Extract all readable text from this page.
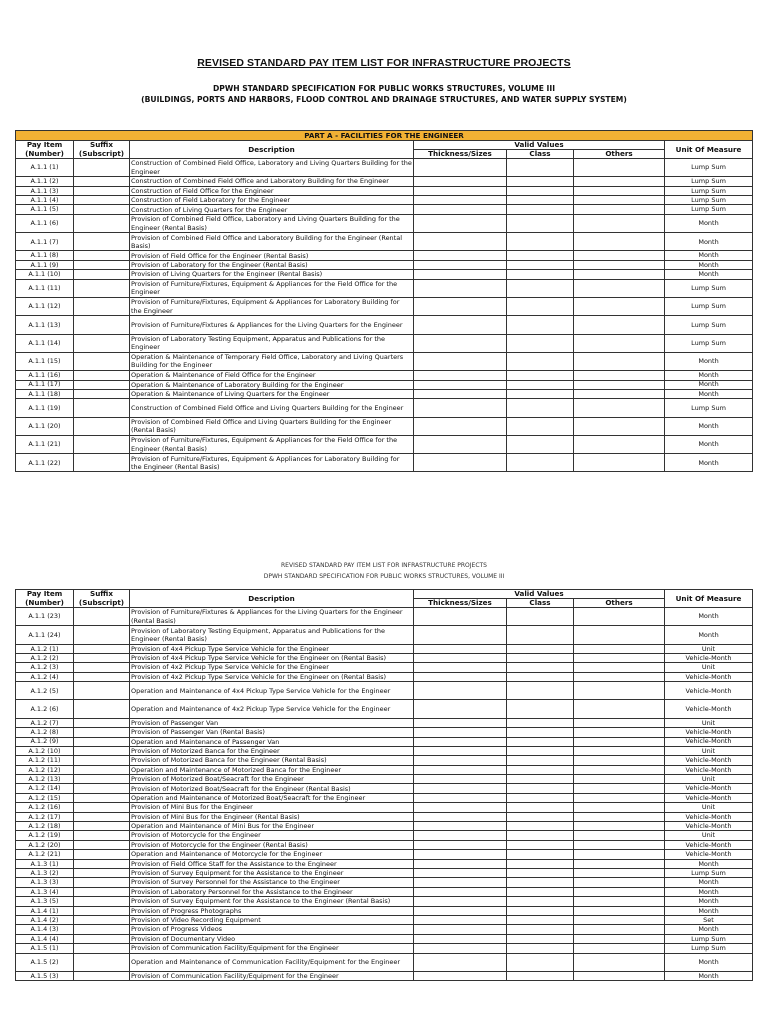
REVISED STANDARD PAY ITEM LIST FOR INFRASTRUCTURE PROJECTS
DPWH STANDARD SPECIFICATION FOR PUBLIC WORKS STRUCTURES, VOLUME III
(BUILDINGS, PORTS AND HARBORS, FLOOD CONTROL AND DRAINAGE STRUCTURES, AND WATER SUPPLY SYSTEM)
PART A - FACILITIES FOR THE ENGINEER						
Pay Item (Number)	Suffix (Subscript)	Description	Valid Values			Unit Of Measure
			Thickness/Sizes	Class	Others	
A.1.1 (1)		Construction of Combined Field Office, Laboratory and Living Quarters Building for the Engineer				Lump Sum
A.1.1 (2)		Construction of Combined Field Office and Laboratory Building for the Engineer				Lump Sum
A.1.1 (3)		Construction of Field Office for the Engineer				Lump Sum
A.1.1 (4)		Construction of Field Laboratory for the Engineer				Lump Sum
A.1.1 (5)		Construction of Living Quarters for the Engineer				Lump Sum
A.1.1 (6)		Provision of Combined Field Office, Laboratory and Living Quarters Building for the Engineer (Rental Basis)				Month
A.1.1 (7)		Provision of Combined Field Office and Laboratory Building for the Engineer (Rental Basis)				Month
A.1.1 (8)		Provision of Field Office for the Engineer (Rental Basis)				Month
A.1.1 (9)		Provision of Laboratory for the Engineer (Rental Basis)				Month
A.1.1 (10)		Provision of Living Quarters for the Engineer (Rental Basis)				Month
A.1.1 (11)		Provision of Furniture/Fixtures, Equipment & Appliances for the Field Office for the Engineer				Lump Sum
A.1.1 (12)		Provision of Furniture/Fixtures, Equipment & Appliances for Laboratory Building for the Engineer				Lump Sum
A.1.1 (13)		Provision of Furniture/Fixtures & Appliances for the Living Quarters for the Engineer				Lump Sum
A.1.1 (14)		Provision of Laboratory Testing Equipment, Apparatus and Publications for the Engineer				Lump Sum
A.1.1 (15)		Operation & Maintenance of Temporary Field Office, Laboratory and Living Quarters Building for the Engineer				Month
A.1.1 (16)		Operation & Maintenance of Field Office for the Engineer				Month
A.1.1 (17)		Operation & Maintenance of Laboratory Building for the Engineer				Month
A.1.1 (18)		Operation & Maintenance of Living Quarters for the Engineer				Month
A.1.1 (19)		Construction of Combined Field Office and Living Quarters Building for the Engineer				Lump Sum
A.1.1 (20)		Provision of Combined Field Office and Living Quarters Building for the Engineer (Rental Basis)				Month
A.1.1 (21)		Provision of Furniture/Fixtures, Equipment & Appliances for the Field Office for the Engineer (Rental Basis)				Month
A.1.1 (22)		Provision of Furniture/Fixtures, Equipment & Appliances for Laboratory Building for the Engineer (Rental Basis)				Month
REVISED STANDARD PAY ITEM LIST FOR INFRASTRUCTURE PROJECTS
DPWH STANDARD SPECIFICATION FOR PUBLIC WORKS STRUCTURES, VOLUME III
Pay Item (Number)	Suffix (Subscript)	Description	Valid Values			Unit Of Measure
			Thickness/Sizes	Class	Others	
A.1.1 (23)		Provision of Furniture/Fixtures & Appliances for the Living Quarters for the Engineer (Rental Basis)				Month
A.1.1 (24)		Provision of Laboratory Testing Equipment, Apparatus and Publications for the Engineer (Rental Basis)				Month
A.1.2 (1)		Provision of 4x4 Pickup Type Service Vehicle for the Engineer				Unit
A.1.2 (2)		Provision of 4x4 Pickup Type Service Vehicle for the Engineer on (Rental Basis)				Vehicle-Month
A.1.2 (3)		Provision of 4x2 Pickup Type Service Vehicle for the Engineer				Unit
A.1.2 (4)		Provision of 4x2 Pickup Type Service Vehicle for the Engineer on (Rental Basis)				Vehicle-Month
A.1.2 (5)		Operation and Maintenance of 4x4 Pickup Type Service Vehicle for the Engineer				Vehicle-Month
A.1.2 (6)		Operation and Maintenance of 4x2 Pickup Type Service Vehicle for the Engineer				Vehicle-Month
A.1.2 (7)		Provision of Passenger Van				Unit
A.1.2 (8)		Provision of Passenger Van (Rental Basis)				Vehicle-Month
A.1.2 (9)		Operation and Maintenance of Passenger Van				Vehicle-Month
A.1.2 (10)		Provision of Motorized Banca for the Engineer				Unit
A.1.2 (11)		Provision of Motorized Banca for the Engineer (Rental Basis)				Vehicle-Month
A.1.2 (12)		Operation and Maintenance of Motorized Banca for the Engineer				Vehicle-Month
A.1.2 (13)		Provision of Motorized Boat/Seacraft for the Engineer				Unit
A.1.2 (14)		Provision of Motorized Boat/Seacraft for the Engineer (Rental Basis)				Vehicle-Month
A.1.2 (15)		Operation and Maintenance of Motorized Boat/Seacraft for the Engineer				Vehicle-Month
A.1.2 (16)		Provision of Mini Bus for the Engineer				Unit
A.1.2 (17)		Provision of Mini Bus for the Engineer (Rental Basis)				Vehicle-Month
A.1.2 (18)		Operation and Maintenance of Mini Bus for the Engineer				Vehicle-Month
A.1.2 (19)		Provision of Motorcycle for the Engineer				Unit
A.1.2 (20)		Provision of Motorcycle for the Engineer (Rental Basis)				Vehicle-Month
A.1.2 (21)		Operation and Maintenance of Motorcycle for the Engineer				Vehicle-Month
A.1.3 (1)		Provision of Field Office Staff for the Assistance to the Engineer				Month
A.1.3 (2)		Provision of Survey Equipment for the Assistance to the Engineer				Lump Sum
A.1.3 (3)		Provision of Survey Personnel for the Assistance to the Engineer				Month
A.1.3 (4)		Provision of Laboratory Personnel for the Assistance to the Engineer				Month
A.1.3 (5)		Provision of Survey Equipment for the Assistance to the Engineer (Rental Basis)				Month
A.1.4 (1)		Provision of Progress Photographs				Month
A.1.4 (2)		Provision of Video Recording Equipment				Set
A.1.4 (3)		Provision of Progress Videos				Month
A.1.4 (4)		Provision of Documentary Video				Lump Sum
A.1.5 (1)		Provision of Communication Facility/Equipment for the Engineer				Lump Sum
A.1.5 (2)		Operation and Maintenance of Communication Facility/Equipment for the Engineer				Month
A.1.5 (3)		Provision of Communication Facility/Equipment for the Engineer				Month
